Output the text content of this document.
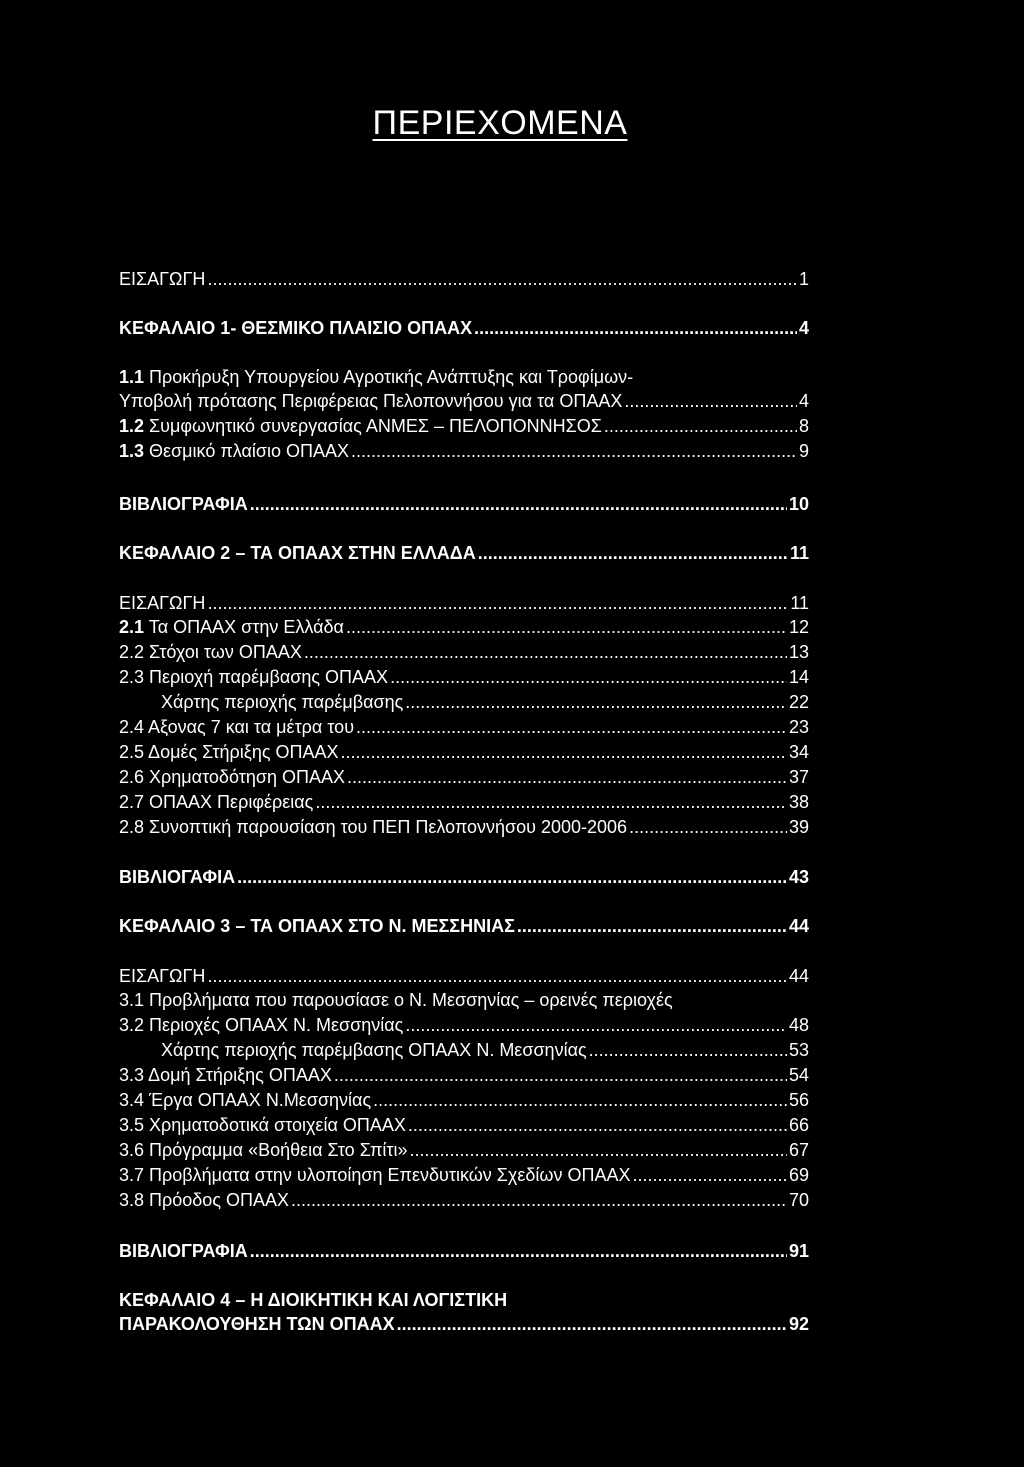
ΠΕΡΙΕΧΟΜΕΝΑ
ΕΙΣΑΓΩΓΗ .....	1
ΚΕΦΑΛΑΙΟ 1- ΘΕΣΜΙΚΟ ΠΛΑΙΣΙΟ ΟΠΑΑΧ .....	4
1.1 Προκήρυξη Υπουργείου Αγροτικής Ανάπτυξης και Τροφίμων-
Υποβολή πρότασης Περιφέρειας Πελοποννήσου για τα ΟΠΑΑΧ .....	4
1.2 Συμφωνητικό συνεργασίας ΑΝΜΕΣ – ΠΕΛΟΠΟΝΝΗΣΟΣ .....	8
1.3 Θεσμικό πλαίσιο ΟΠΑΑΧ .....	9
ΒΙΒΛΙΟΓΡΑΦΙΑ .....	10
ΚΕΦΑΛΑΙΟ 2 – ΤΑ ΟΠΑΑΧ ΣΤΗΝ ΕΛΛΑΔΑ .....	11
ΕΙΣΑΓΩΓΗ .....	11
2.1 Τα ΟΠΑΑΧ στην Ελλάδα .....	12
2.2 Στόχοι των ΟΠΑΑΧ .....	13
2.3 Περιοχή παρέμβασης ΟΠΑΑΧ .....	14
Χάρτης περιοχής παρέμβασης .....	22
2.4 Αξονας 7 και τα μέτρα του .....	23
2.5 Δομές Στήριξης ΟΠΑΑΧ .....	34
2.6 Χρηματοδότηση ΟΠΑΑΧ .....	37
2.7 ΟΠΑΑΧ Περιφέρειας .....	38
2.8 Συνοπτική παρουσίαση του ΠΕΠ Πελοποννήσου 2000-2006 .....	39
ΒΙΒΛΙΟΓΑΦΙΑ .....	43
ΚΕΦΑΛΑΙΟ 3 – ΤΑ ΟΠΑΑΧ ΣΤΟ Ν. ΜΕΣΣΗΝΙΑΣ .....	44
ΕΙΣΑΓΩΓΗ .....	44
3.1 Προβλήματα που παρουσίασε ο Ν. Μεσσηνίας – ορεινές περιοχές
3.2 Περιοχές ΟΠΑΑΧ Ν. Μεσσηνίας .....	48
Χάρτης περιοχής παρέμβασης ΟΠΑΑΧ Ν. Μεσσηνίας .....	53
3.3 Δομή Στήριξης ΟΠΑΑΧ .....	54
3.4 Έργα ΟΠΑΑΧ Ν.Μεσσηνίας .....	56
3.5 Χρηματοδοτικά στοιχεία ΟΠΑΑΧ .....	66
3.6 Πρόγραμμα «Βοήθεια Στο Σπίτι» .....	67
3.7 Προβλήματα στην υλοποίηση Επενδυτικών Σχεδίων ΟΠΑΑΧ .....	69
3.8 Πρόοδος ΟΠΑΑΧ .....	70
ΒΙΒΛΙΟΓΡΑΦΙΑ .....	91
ΚΕΦΑΛΑΙΟ 4 – Η ΔΙΟΙΚΗΤΙΚΗ ΚΑΙ ΛΟΓΙΣΤΙΚΗ
ΠΑΡΑΚΟΛΟΥΘΗΣΗ ΤΩΝ ΟΠΑΑΧ .....	92
